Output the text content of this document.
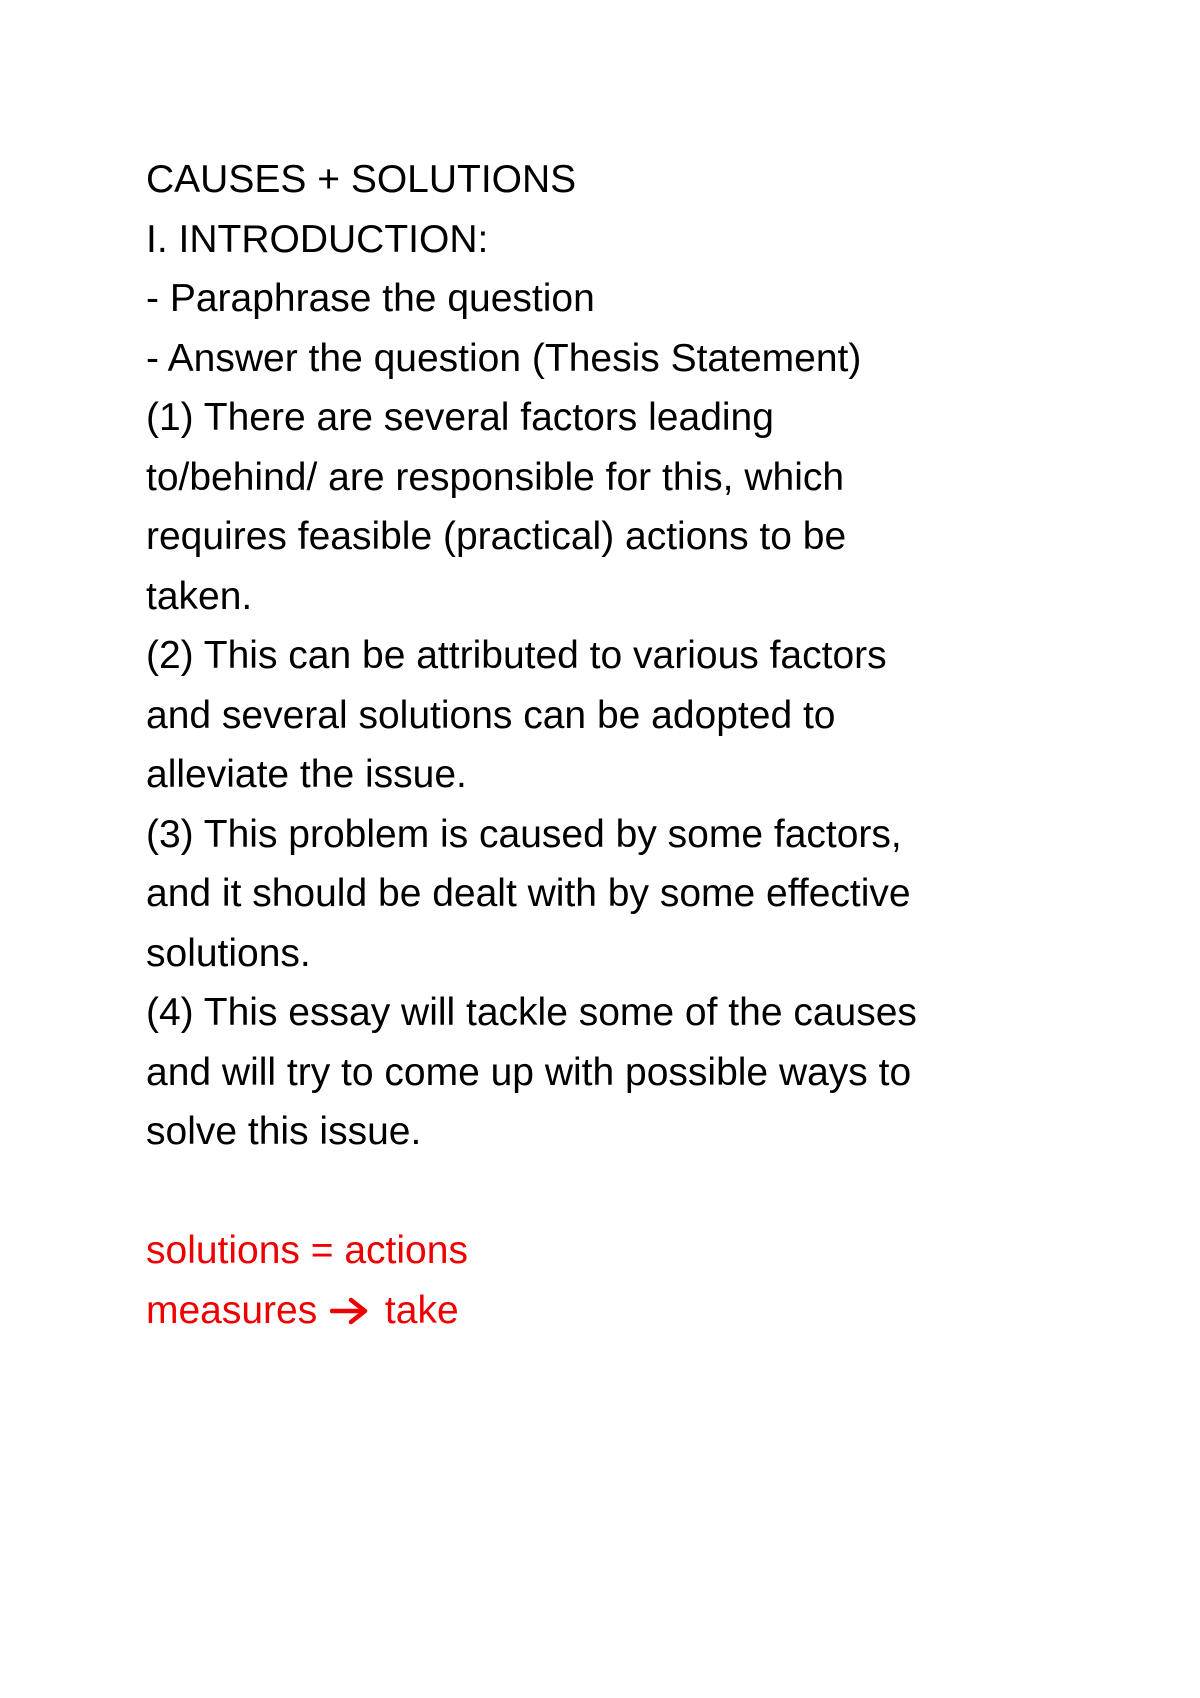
CAUSES + SOLUTIONS
I. INTRODUCTION:
- Paraphrase the question
- Answer the question (Thesis Statement)
(1) There are several factors leading
to/behind/ are responsible for this, which
requires feasible (practical) actions to be
taken.
(2) This can be attributed to various factors
and several solutions can be adopted to
alleviate the issue.
(3) This problem is caused by some factors,
and it should be dealt with by some effective
solutions.
(4) This essay will tackle some of the causes
and will try to come up with possible ways to
solve this issue.
solutions = actions
measures take
